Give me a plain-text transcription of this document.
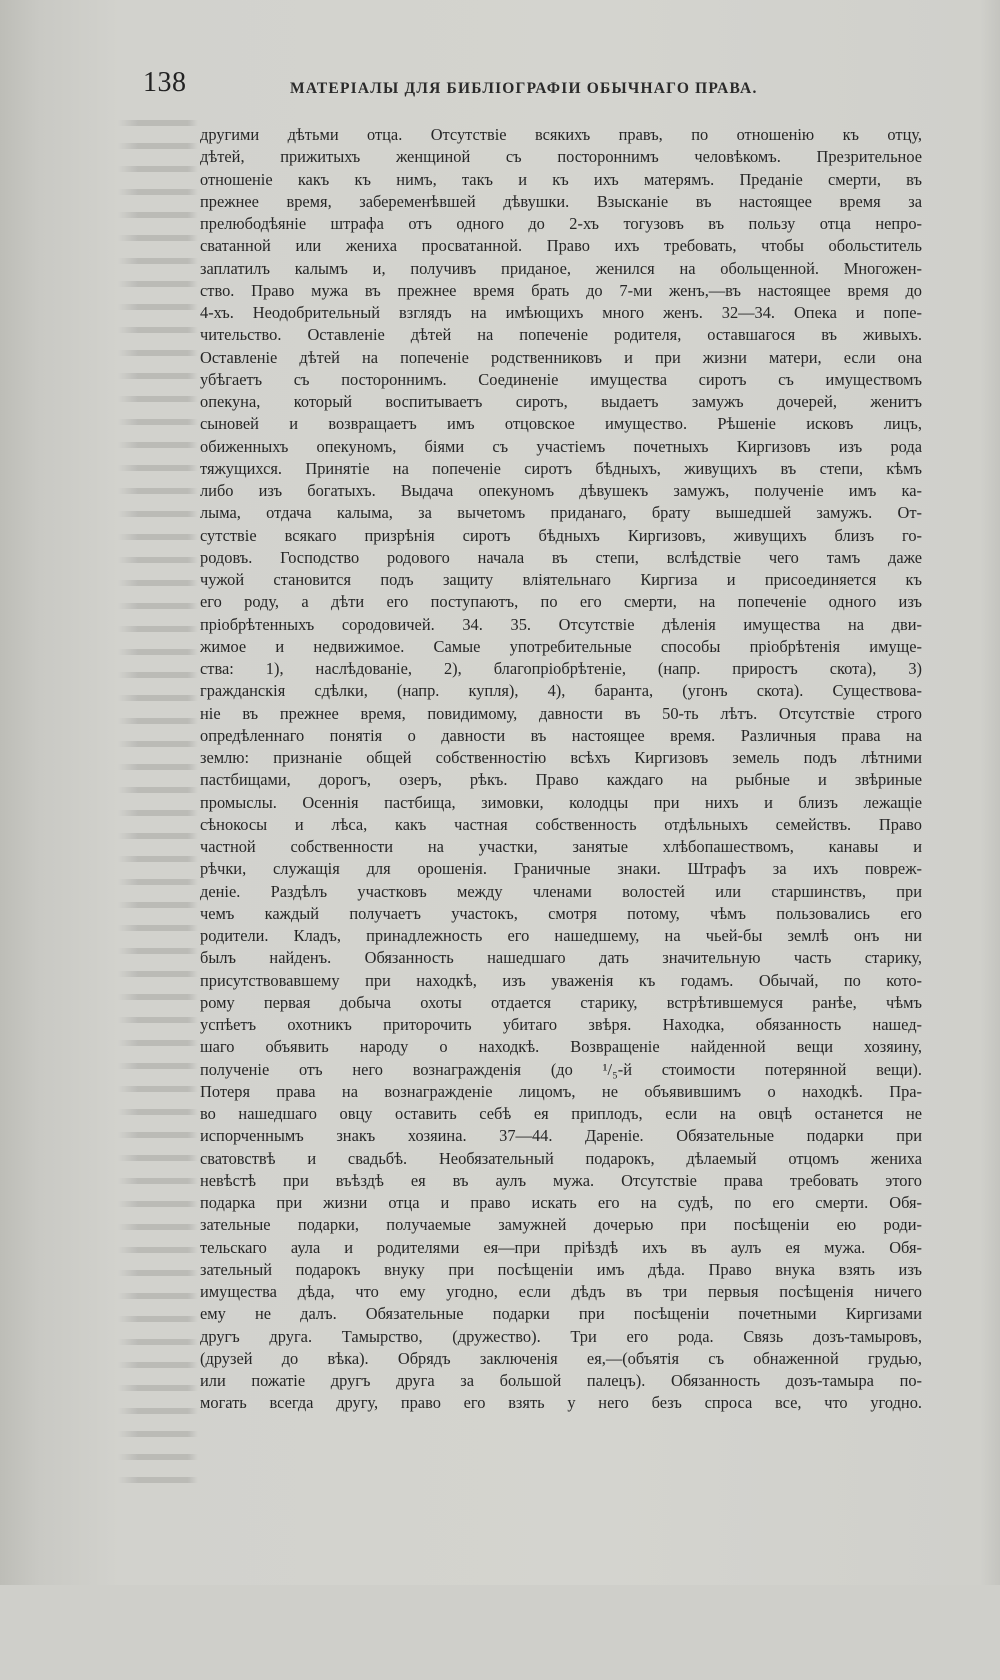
138	МАТЕРІАЛЫ ДЛЯ БИБЛІОГРАФІИ ОБЫЧНАГО ПРАВА.
другими дѣтьми отца. Отсутствіе всякихъ правъ, по отношенію къ отцу,
дѣтей, прижитыхъ женщиной съ постороннимъ человѣкомъ. Презрительное
отношеніе какъ къ нимъ, такъ и къ ихъ матерямъ. Преданіе смерти, въ
прежнее время, забеременѣвшей дѣвушки. Взысканіе въ настоящее время за
прелюбодѣяніе штрафа отъ одного до 2-хъ тогузовъ въ пользу отца непро-
сватанной или жениха просватанной. Право ихъ требовать, чтобы обольститель
заплатилъ калымъ и, получивъ приданое, женился на обольщенной. Многожен-
ство. Право мужа въ прежнее время брать до 7-ми женъ,—въ настоящее время до
4-хъ. Неодобрительный взглядъ на имѣющихъ много женъ. 32—34. Опека и попе-
чительство. Оставленіе дѣтей на попеченіе родителя, оставшагося въ живыхъ.
Оставленіе дѣтей на попеченіе родственниковъ и при жизни матери, если она
убѣгаетъ съ постороннимъ. Соединеніе имущества сиротъ съ имуществомъ
опекуна, который воспитываетъ сиротъ, выдаетъ замужъ дочерей, женитъ
сыновей и возвращаетъ имъ отцовское имущество. Рѣшеніе исковъ лицъ,
обиженныхъ опекуномъ, біями съ участіемъ почетныхъ Киргизовъ изъ рода
тяжущихся. Принятіе на попеченіе сиротъ бѣдныхъ, живущихъ въ степи, кѣмъ
либо изъ богатыхъ. Выдача опекуномъ дѣвушекъ замужъ, полученіе имъ ка-
лыма, отдача калыма, за вычетомъ приданаго, брату вышедшей замужъ. От-
сутствіе всякаго призрѣнія сиротъ бѣдныхъ Киргизовъ, живущихъ близъ го-
родовъ. Господство родового начала въ степи, вслѣдствіе чего тамъ даже
чужой становится подъ защиту вліятельнаго Киргиза и присоединяется къ
его роду, а дѣти его поступаютъ, по его смерти, на попеченіе одного изъ
пріобрѣтенныхъ сородовичей. 34. 35. Отсутствіе дѣленія имущества на дви-
жимое и недвижимое. Самые употребительные способы пріобрѣтенія имуще-
ства: 1), наслѣдованіе, 2), благопріобрѣтеніе, (напр. приростъ скота), 3)
гражданскія сдѣлки, (напр. купля), 4), баранта, (угонъ скота). Существова-
ніе въ прежнее время, повидимому, давности въ 50-ть лѣтъ. Отсутствіе строго
опредѣленнаго понятія о давности въ настоящее время. Различныя права на
землю: признаніе общей собственностію всѣхъ Киргизовъ земель подъ лѣтними
пастбищами, дорогъ, озеръ, рѣкъ. Право каждаго на рыбные и звѣриные
промыслы. Осеннія пастбища, зимовки, колодцы при нихъ и близъ лежащіе
сѣнокосы и лѣса, какъ частная собственность отдѣльныхъ семействъ. Право
частной собственности на участки, занятые хлѣбопашествомъ, канавы и
рѣчки, служащія для орошенія. Граничные знаки. Штрафъ за ихъ повреж-
деніе. Раздѣлъ участковъ между членами волостей или старшинствъ, при
чемъ каждый получаетъ участокъ, смотря потому, чѣмъ пользовались его
родители. Кладъ, принадлежность его нашедшему, на чьей-бы землѣ онъ ни
былъ найденъ. Обязанность нашедшаго дать значительную часть старику,
присутствовавшему при находкѣ, изъ уваженія къ годамъ. Обычай, по кото-
рому первая добыча охоты отдается старику, встрѣтившемуся ранѣе, чѣмъ
успѣетъ охотникъ приторочить убитаго звѣря. Находка, обязанность нашед-
шаго объявить народу о находкѣ. Возвращеніе найденной вещи хозяину,
полученіе отъ него вознагражденія (до ¹/₅-й стоимости потерянной вещи).
Потеря права на вознагражденіе лицомъ, не объявившимъ о находкѣ. Пра-
во нашедшаго овцу оставить себѣ ея приплодъ, если на овцѣ останется не
испорченнымъ знакъ хозяина. 37—44. Дареніе. Обязательные подарки при
сватовствѣ и свадьбѣ. Необязательный подарокъ, дѣлаемый отцомъ жениха
невѣстѣ при въѣздѣ ея въ аулъ мужа. Отсутствіе права требовать этого
подарка при жизни отца и право искать его на судѣ, по его смерти. Обя-
зательные подарки, получаемые замужней дочерью при посѣщеніи ею роди-
тельскаго аула и родителями ея—при пріѣздѣ ихъ въ аулъ ея мужа. Обя-
зательный подарокъ внуку при посѣщеніи имъ дѣда. Право внука взять изъ
имущества дѣда, что ему угодно, если дѣдъ въ три первыя посѣщенія ничего
ему не далъ. Обязательные подарки при посѣщеніи почетными Киргизами
другъ друга. Тамырство, (дружество). Три его рода. Связь дозъ-тамыровъ,
(друзей до вѣка). Обрядъ заключенія ея,—(объятія съ обнаженной грудью,
или пожатіе другъ друга за большой палецъ). Обязанность дозъ-тамыра по-
могать всегда другу, право его взять у него безъ спроса все, что угодно.
